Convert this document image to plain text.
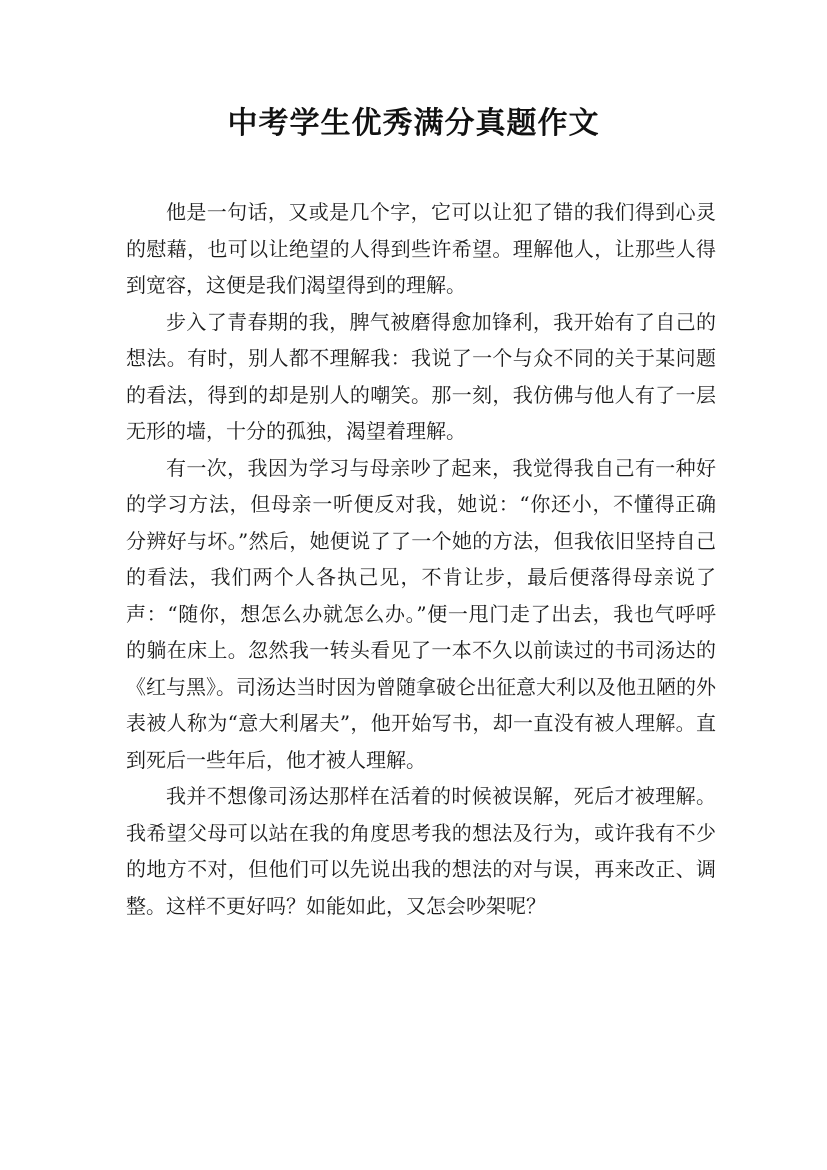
中考学生优秀满分真题作文

他是一句话，又或是几个字，它可以让犯了错的我们得到心灵的慰藉，也可以让绝望的人得到些许希望。理解他人，让那些人得到宽容，这便是我们渴望得到的理解。

步入了青春期的我，脾气被磨得愈加锋利，我开始有了自己的想法。有时，别人都不理解我：我说了一个与众不同的关于某问题的看法，得到的却是别人的嘲笑。那一刻，我仿佛与他人有了一层无形的墙，十分的孤独，渴望着理解。

有一次，我因为学习与母亲吵了起来，我觉得我自己有一种好的学习方法，但母亲一听便反对我，她说：“你还小，不懂得正确分辨好与坏。”然后，她便说了了一个她的方法，但我依旧坚持自己的看法，我们两个人各执己见，不肯让步，最后便落得母亲说了声：“随你，想怎么办就怎么办。”便一甩门走了出去，我也气呼呼的躺在床上。忽然我一转头看见了一本不久以前读过的书司汤达的《红与黑》。司汤达当时因为曾随拿破仑出征意大利以及他丑陋的外表被人称为“意大利屠夫”，他开始写书，却一直没有被人理解。直到死后一些年后，他才被人理解。

我并不想像司汤达那样在活着的时候被误解，死后才被理解。我希望父母可以站在我的角度思考我的想法及行为，或许我有不少的地方不对，但他们可以先说出我的想法的对与误，再来改正、调整。这样不更好吗？如能如此，又怎会吵架呢？
